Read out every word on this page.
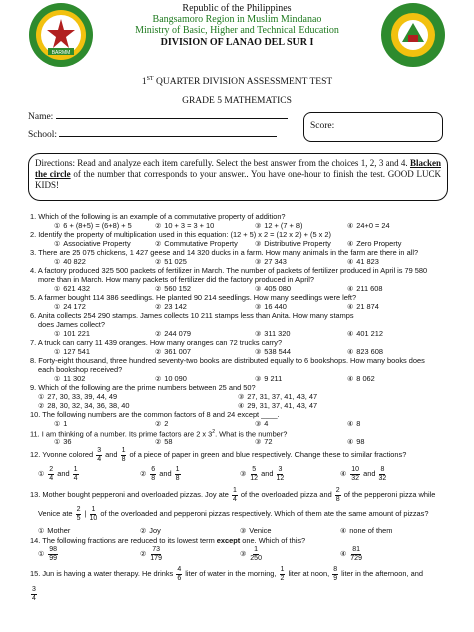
BARMM
Republic of the Philippines
Bangsamoro Region in Muslim Mindanao
Ministry of Basic, Higher and Technical Education
DIVISION OF LANAO DEL SUR I
1ST QUARTER DIVISION ASSESSMENT TEST
GRADE 5 MATHEMATICS
Name:
School:
Score:
Directions: Read and analyze each item carefully. Select the best answer from the choices 1, 2, 3 and 4. Blacken the circle of the number that corresponds to your answer.. You have one-hour to finish the test. GOOD LUCK KIDS!
1. Which of the following is an example of a commutative property of addition?
① 6 + (8+5) = (6+8) + 5	② 10 + 3 = 3 + 10	③ 12 + (7 + 8)	④ 24+0 = 24
2. Identify the property of multiplication used in this equation: (12 + 5) x 2 = (12 x 2) + (5 x 2)
① Associative Property	② Commutative Property ③ Distributive Property ④ Zero Property
3. There are 25 075 chickens, 1 427 geese and 14 320 ducks in a farm. How many animals in the farm are there in all?
① 40 822	② 51 025	③ 27 343	④ 41 823
4. A factory produced 325 500 packets of fertilizer in March. The number of packets of fertilizer produced in April is 79 580
more than in March. How many packets of fertilizer did the factory produced in April?
① 621 432	② 560 152	③ 405 080	④ 211 608
5. A farmer bought 114 386 seedlings. He planted 90 214 seedlings. How many seedlings were left?
① 24 172	② 23 142	③ 16 440	④ 21 874
6. Anita collects 254 290 stamps. James collects 10 211 stamps less than Anita. How many stamps
does James collect?
① 101 221	② 244 079	③ 311 320	④ 401 212
7. A truck can carry 11 439 oranges. How many oranges can 72 trucks carry?
① 127 541	② 361 007	③ 538 544	④ 823 608
8. Forty-eight thousand, three hundred seventy-two books are distributed equally to 6 bookshops. How many books does
each bookshop received?
① 11 302	② 10 090	③ 9 211	④ 8 062
9. Which of the following are the prime numbers between 25 and 50?
① 27, 30, 33, 39, 44, 49	③ 27, 31, 37, 41, 43, 47
② 28, 30, 32, 34, 36, 38, 40	④ 29, 31, 37, 41, 43, 47
10. The following numbers are the common factors of 8 and 24 except ____.
① 1	② 2	③ 4	④ 8
11. I am thinking of a number. Its prime factors are 2 x $3^2$. What is the number?
① 36	② 58	③ 72	④ 98
12. Yvonne colored $\frac{3}{4}$ and $\frac{1}{8}$ of a piece of paper in green and blue respectively. Change these to similar fractions?
① $\frac{2}{4}$ and $\frac{1}{4}$	② $\frac{6}{8}$ and $\frac{1}{8}$	③ $\frac{5}{12}$ and $\frac{3}{12}$	④ $\frac{10}{32}$ and $\frac{8}{32}$
13. Mother bought pepperoni and overloaded pizzas. Joy ate $\frac{1}{4}$ of the overloaded pizza and $\frac{2}{8}$ of the pepperoni pizza while
Venice ate $\frac{2}{5}$ | $\frac{1}{10}$ of the overloaded and pepperoni pizzas respectively. Which of them ate the same amount of pizzas?
① Mother	② Joy	③ Venice	④ none of them
14. The following fractions are reduced to its lowest term except one. Which of this?
① $\frac{98}{99}$	② $\frac{73}{179}$	③ $\frac{1}{250}$	④ $\frac{81}{729}$
15. Jun is having a water therapy. He drinks $\frac{4}{6}$ liter of water in the morning, $\frac{1}{2}$ liter at noon, $\frac{8}{9}$ liter in the afternoon, and
$\frac{3}{4}$
